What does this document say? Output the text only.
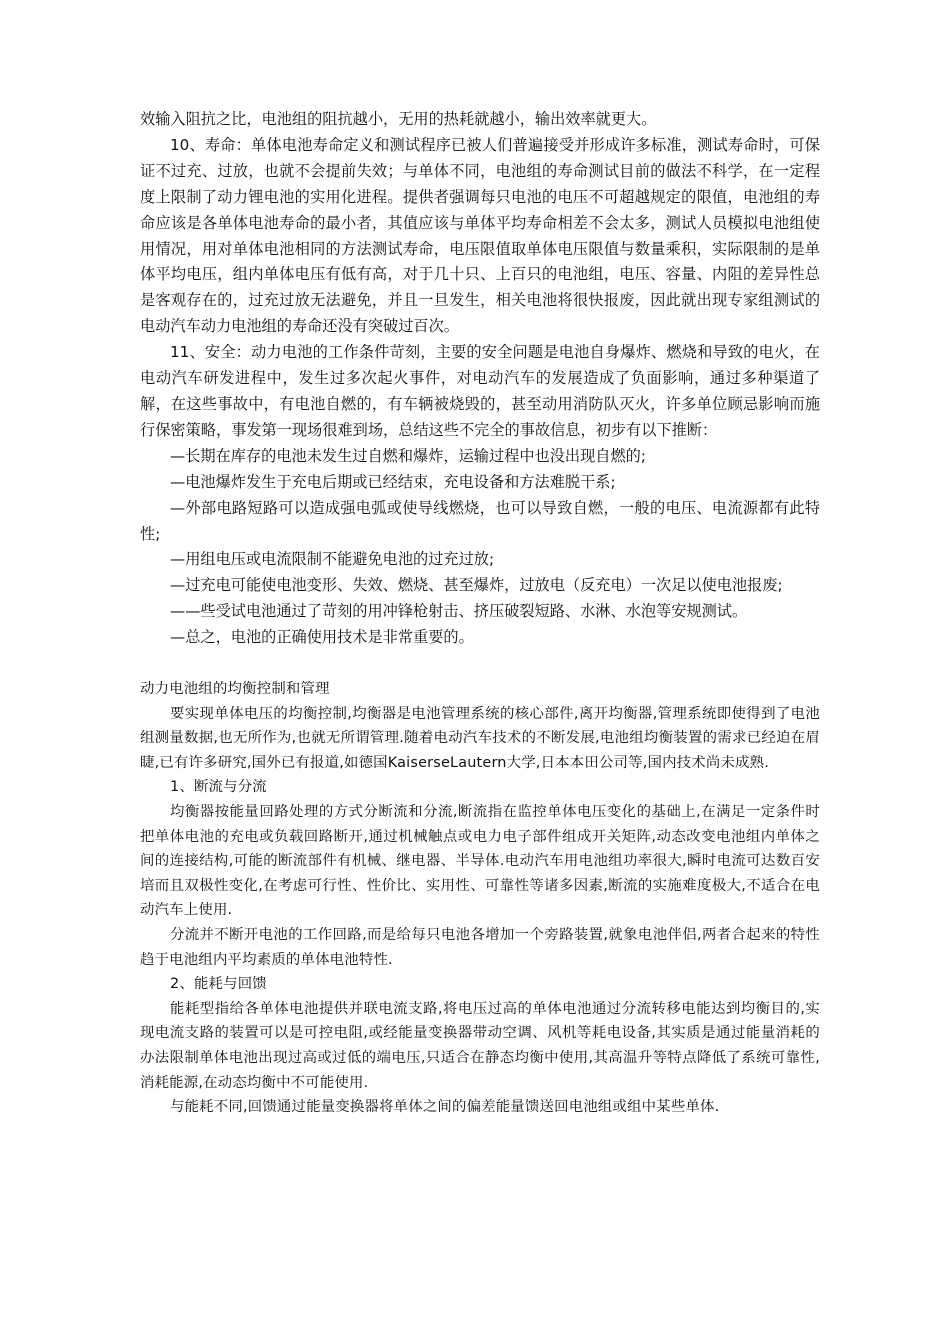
效输入阻抗之比，电池组的阻抗越小，无用的热耗就越小，输出效率就更大。

10、寿命：单体电池寿命定义和测试程序已被人们普遍接受并形成许多标准，测试寿命时，可保证不过充、过放，也就不会提前失效；与单体不同，电池组的寿命测试目前的做法不科学，在一定程度上限制了动力锂电池的实用化进程。提供者强调每只电池的电压不可超越规定的限值，电池组的寿命应该是各单体电池寿命的最小者，其值应该与单体平均寿命相差不会太多，测试人员模拟电池组使用情况，用对单体电池相同的方法测试寿命，电压限值取单体电压限值与数量乘积，实际限制的是单体平均电压，组内单体电压有低有高，对于几十只、上百只的电池组，电压、容量、内阻的差异性总是客观存在的，过充过放无法避免，并且一旦发生，相关电池将很快报废，因此就出现专家组测试的电动汽车动力电池组的寿命还没有突破过百次。

11、安全：动力电池的工作条件苛刻，主要的安全问题是电池自身爆炸、燃烧和导致的电火，在电动汽车研发进程中，发生过多次起火事件，对电动汽车的发展造成了负面影响，通过多种渠道了解，在这些事故中，有电池自燃的，有车辆被烧毁的，甚至动用消防队灭火，许多单位顾忌影响而施行保密策略，事发第一现场很难到场，总结这些不完全的事故信息，初步有以下推断：

—长期在库存的电池未发生过自燃和爆炸，运输过程中也没出现自燃的;

—电池爆炸发生于充电后期或已经结束，充电设备和方法难脱干系;

—外部电路短路可以造成强电弧或使导线燃烧，也可以导致自燃，一般的电压、电流源都有此特性;

—用组电压或电流限制不能避免电池的过充过放;

—过充电可能使电池变形、失效、燃烧、甚至爆炸，过放电（反充电）一次足以使电池报废;

——些受试电池通过了苛刻的用冲锋枪射击、挤压破裂短路、水淋、水泡等安规测试。

—总之，电池的正确使用技术是非常重要的。

动力电池组的均衡控制和管理

要实现单体电压的均衡控制,均衡器是电池管理系统的核心部件,离开均衡器,管理系统即使得到了电池组测量数据,也无所作为,也就无所谓管理.随着电动汽车技术的不断发展,电池组均衡装置的需求已经迫在眉睫,已有许多研究,国外已有报道,如德国KaiserseLautern大学,日本本田公司等,国内技术尚未成熟.

1、断流与分流

均衡器按能量回路处理的方式分断流和分流,断流指在监控单体电压变化的基础上,在满足一定条件时把单体电池的充电或负载回路断开,通过机械触点或电力电子部件组成开关矩阵,动态改变电池组内单体之间的连接结构,可能的断流部件有机械、继电器、半导体.电动汽车用电池组功率很大,瞬时电流可达数百安培而且双极性变化,在考虑可行性、性价比、实用性、可靠性等诸多因素,断流的实施难度极大,不适合在电动汽车上使用.

分流并不断开电池的工作回路,而是给每只电池各增加一个旁路装置,就象电池伴侣,两者合起来的特性趋于电池组内平均素质的单体电池特性.

2、能耗与回馈

能耗型指给各单体电池提供并联电流支路,将电压过高的单体电池通过分流转移电能达到均衡目的,实现电流支路的装置可以是可控电阻,或经能量变换器带动空调、风机等耗电设备,其实质是通过能量消耗的办法限制单体电池出现过高或过低的端电压,只适合在静态均衡中使用,其高温升等特点降低了系统可靠性,消耗能源,在动态均衡中不可能使用.

与能耗不同,回馈通过能量变换器将单体之间的偏差能量馈送回电池组或组中某些单体.
